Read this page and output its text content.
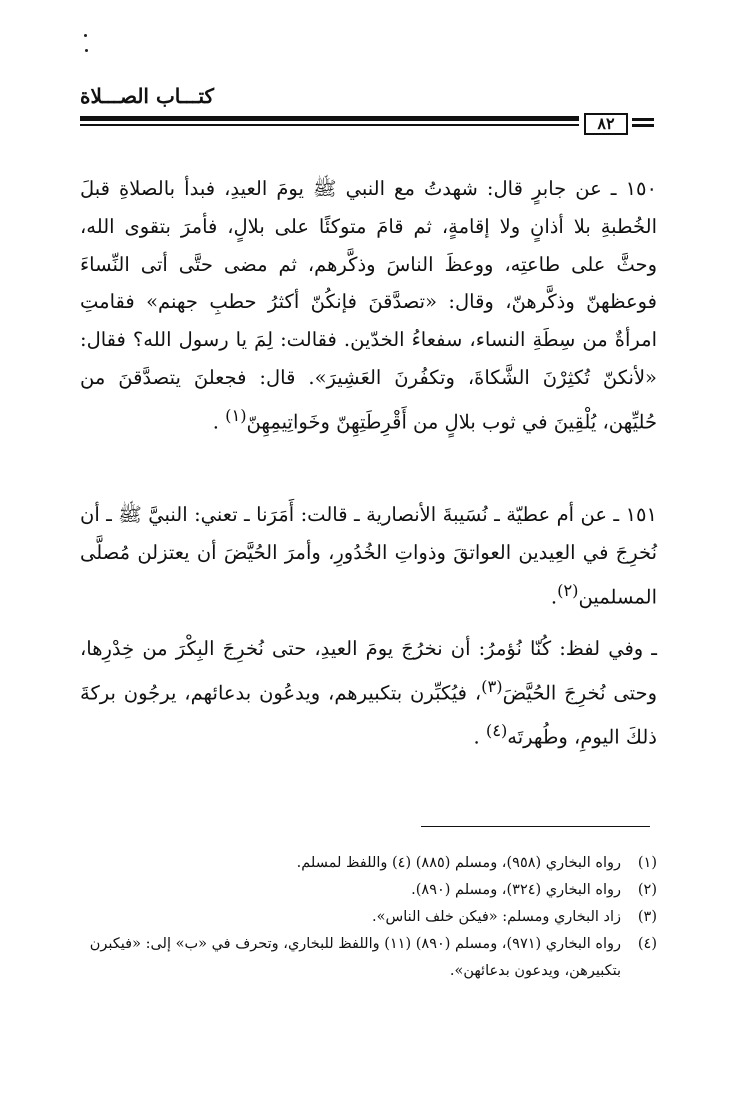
كتـــاب الصـــلاة
٨٢

١٥٠ ـ عن جابرٍ قال: شهدتُ مع النبي ﷺ يومَ العيدِ، فبدأ بالصلاةِ قبلَ الخُطبةِ بلا أذانٍ ولا إقامةٍ، ثم قامَ متوكئًا على بلالٍ، فأمرَ بتقوى الله، وحثَّ على طاعتِه، ووعظَ الناسَ وذكَّرهم، ثم مضى حتَّى أتى النِّساءَ فوعظهنّ وذكَّرهنّ، وقال: «تصدَّقنَ فإنكُنّ أكثرُ حطبِ جهنم» فقامتِ امرأةٌ من سِطَةِ النساء، سفعاءُ الخدّين. فقالت: لِمَ يا رسول الله؟ فقال: «لأنكنّ تُكثِرْنَ الشَّكاةَ، وتكفُرنَ العَشِيرَ». قال: فجعلنَ يتصدَّقنَ من حُليِّهن، يُلْقِينَ في ثوب بلالٍ من أَقْرِطَتِهِنّ وخَواتِيمِهِنّ$^{(١)}$ .

١٥١ ـ عن أم عطيّة ـ نُسَيبةَ الأنصارية ـ قالت: أَمَرَنا ـ تعني: النبيَّ ﷺ ـ أن نُخرِجَ في العِيدين العواتقَ وذواتِ الخُدُورِ، وأمرَ الحُيَّضَ أن يعتزلن مُصلَّى المسلمين$^{(٢)}$.

ـ وفي لفظ: كُنّا نُؤمرُ: أن نخرُجَ يومَ العيدِ، حتى نُخرِجَ البِكْرَ من خِدْرِها، وحتى نُخرِجَ الحُيَّضَ$^{(٣)}$، فيُكبِّرن بتكبيرهم، ويدعُون بدعائهم، يرجُون بركةَ ذلكَ اليومِ، وطُهرتَه$^{(٤)}$ .

(١)
رواه البخاري (٩٥٨)، ومسلم (٨٨٥) (٤) واللفظ لمسلم.
(٢)
رواه البخاري (٣٢٤)، ومسلم (٨٩٠).
(٣)
زاد البخاري ومسلم: «فيكن خلف الناس».
(٤)
رواه البخاري (٩٧١)، ومسلم (٨٩٠) (١١) واللفظ للبخاري، وتحرف في «ب» إلى: «فيكبرن بتكبيرهن، ويدعون بدعائهن».
